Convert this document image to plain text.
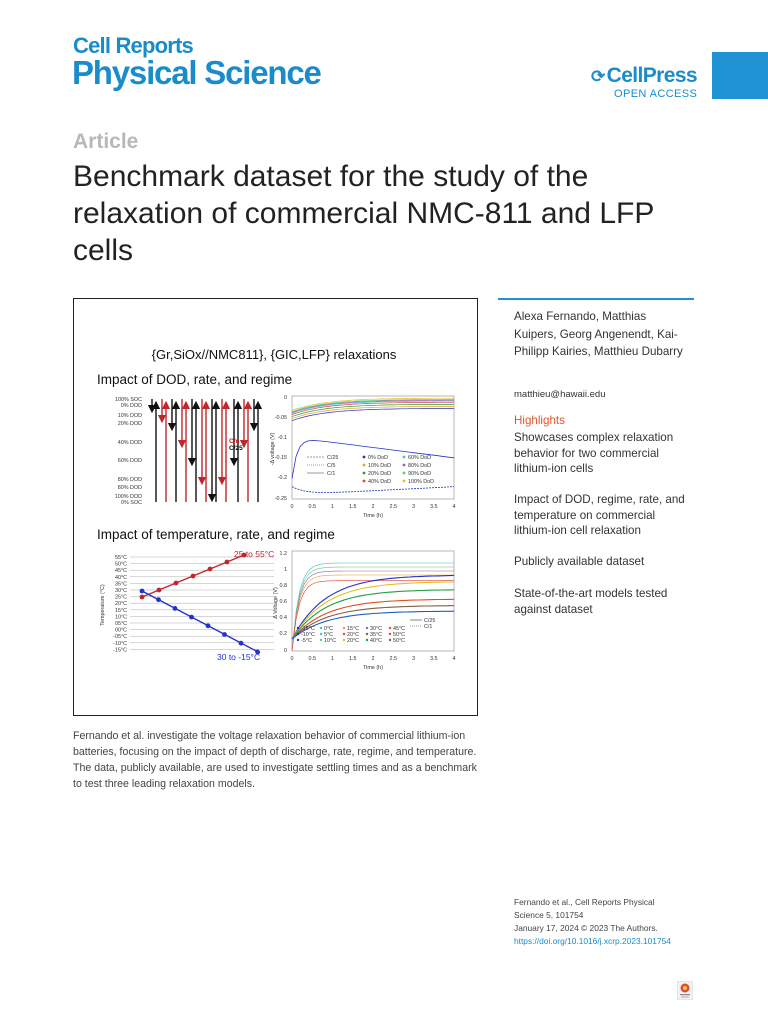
Cell Reports
Physical Science	⟳CellPress
OPEN ACCESS
Article
Benchmark dataset for the study of the relaxation of commercial NMC-811 and LFP cells
{Gr,SiOx//NMC811}, {GIC,LFP} relaxations
Impact of DOD, rate, and regime
Impact of temperature, rate, and regime
100% SOC
0% DOD
10% DOD
20% DOD
40% DOD
60% DOD
80% DOD
80% DOD
100% DOD
0% SOC
C/n
C/25
0
-0.05
-0.1
-0.15
-0.2
-0.25
0	0.5	1	1.5	2	2.5	3	3.5	4
Time (h)
-Δ voltage (V)	C/25
C/5
C/1
0% DoD
10% DoD
20% DoD
40% DoD
60% DoD
80% DoD
90% DoD
100% DoD
55°C
50°C
45°C
40°C
35°C
30°C
25°C
20°C
15°C
10°C
05°C
00°C
-05°C
-10°C
-15°C
Temperature (°C)
25 to 55°C
30 to -15°C
1.2
1
0.8
0.6
0.4
0.2
0
0	0.5	1	1.5	2	2.5	3	3.5	4
Time (h)
Δ Voltage (V)
-15°C
-10°C
-5°C
0°C
5°C
10°C
15°C
20°C
20°C
30°C
35°C
40°C
45°C
50°C
50°C
C/25
C/1
Fernando et al. investigate the voltage relaxation behavior of commercial lithium-ion batteries, focusing on the impact of depth of discharge, rate, regime, and temperature. The data, publicly available, are used to investigate settling times and as a benchmark to test three leading relaxation models.
Alexa Fernando, Matthias Kuipers, Georg Angenendt, Kai-Philipp Kairies, Matthieu Dubarry
matthieu@hawaii.edu
Highlights
Showcases complex relaxation behavior for two commercial lithium-ion cells
Impact of DOD, regime, rate, and temperature on commercial lithium-ion cell relaxation
Publicly available dataset
State-of-the-art models tested against dataset
Fernando et al., Cell Reports Physical Science 5, 101754
January 17, 2024 © 2023 The Authors.
https://doi.org/10.1016/j.xcrp.2023.101754
